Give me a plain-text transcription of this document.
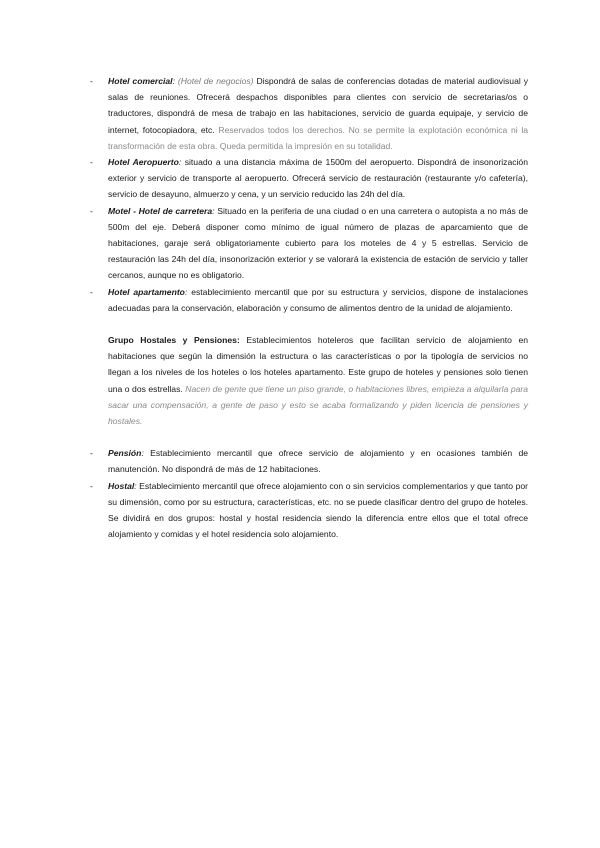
- Hotel comercial: (Hotel de negocios) Dispondrá de salas de conferencias dotadas de material audiovisual y salas de reuniones. Ofrecerá despachos disponibles para clientes con servicio de secretarias/os o traductores, dispondrá de mesa de trabajo en las habitaciones, servicio de guarda equipaje, y servicio de internet, fotocopiadora, etc. Reservados todos los derechos. No se permite la explotación económica ni la transformación de esta obra. Queda permitida la impresión en su totalidad.
- Hotel Aeropuerto: situado a una distancia máxima de 1500m del aeropuerto. Dispondrá de insonorización exterior y servicio de transporte al aeropuerto. Ofrecerá servicio de restauración (restaurante y/o cafetería), servicio de desayuno, almuerzo y cena, y un servicio reducido las 24h del día.
- Motel - Hotel de carretera: Situado en la periferia de una ciudad o en una carretera o autopista a no más de 500m del eje. Deberá disponer como mínimo de igual número de plazas de aparcamiento que de habitaciones, garaje será obligatoriamente cubierto para los moteles de 4 y 5 estrellas. Servicio de restauración las 24h del día, insonorización exterior y se valorará la existencia de estación de servicio y taller cercanos, aunque no es obligatorio.
- Hotel apartamento: establecimiento mercantil que por su estructura y servicios, dispone de instalaciones adecuadas para la conservación, elaboración y consumo de alimentos dentro de la unidad de alojamiento.
Grupo Hostales y Pensiones: Establecimientos hoteleros que facilitan servicio de alojamiento en habitaciones que según la dimensión la estructura o las características o por la tipología de servicios no llegan a los niveles de los hoteles o los hoteles apartamento. Este grupo de hoteles y pensiones solo tienen una o dos estrellas. Nacen de gente que tiene un piso grande, o habitaciones libres, empieza a alquilarla para sacar una compensación, a gente de paso y esto se acaba formalizando y piden licencia de pensiones y hostales.
- Pensión: Establecimiento mercantil que ofrece servicio de alojamiento y en ocasiones también de manutención. No dispondrá de más de 12 habitaciones.
- Hostal: Establecimiento mercantil que ofrece alojamiento con o sin servicios complementarios y que tanto por su dimensión, como por su estructura, características, etc. no se puede clasificar dentro del grupo de hoteles. Se dividirá en dos grupos: hostal y hostal residencia siendo la diferencia entre ellos que el total ofrece alojamiento y comidas y el hotel residencia solo alojamiento.
